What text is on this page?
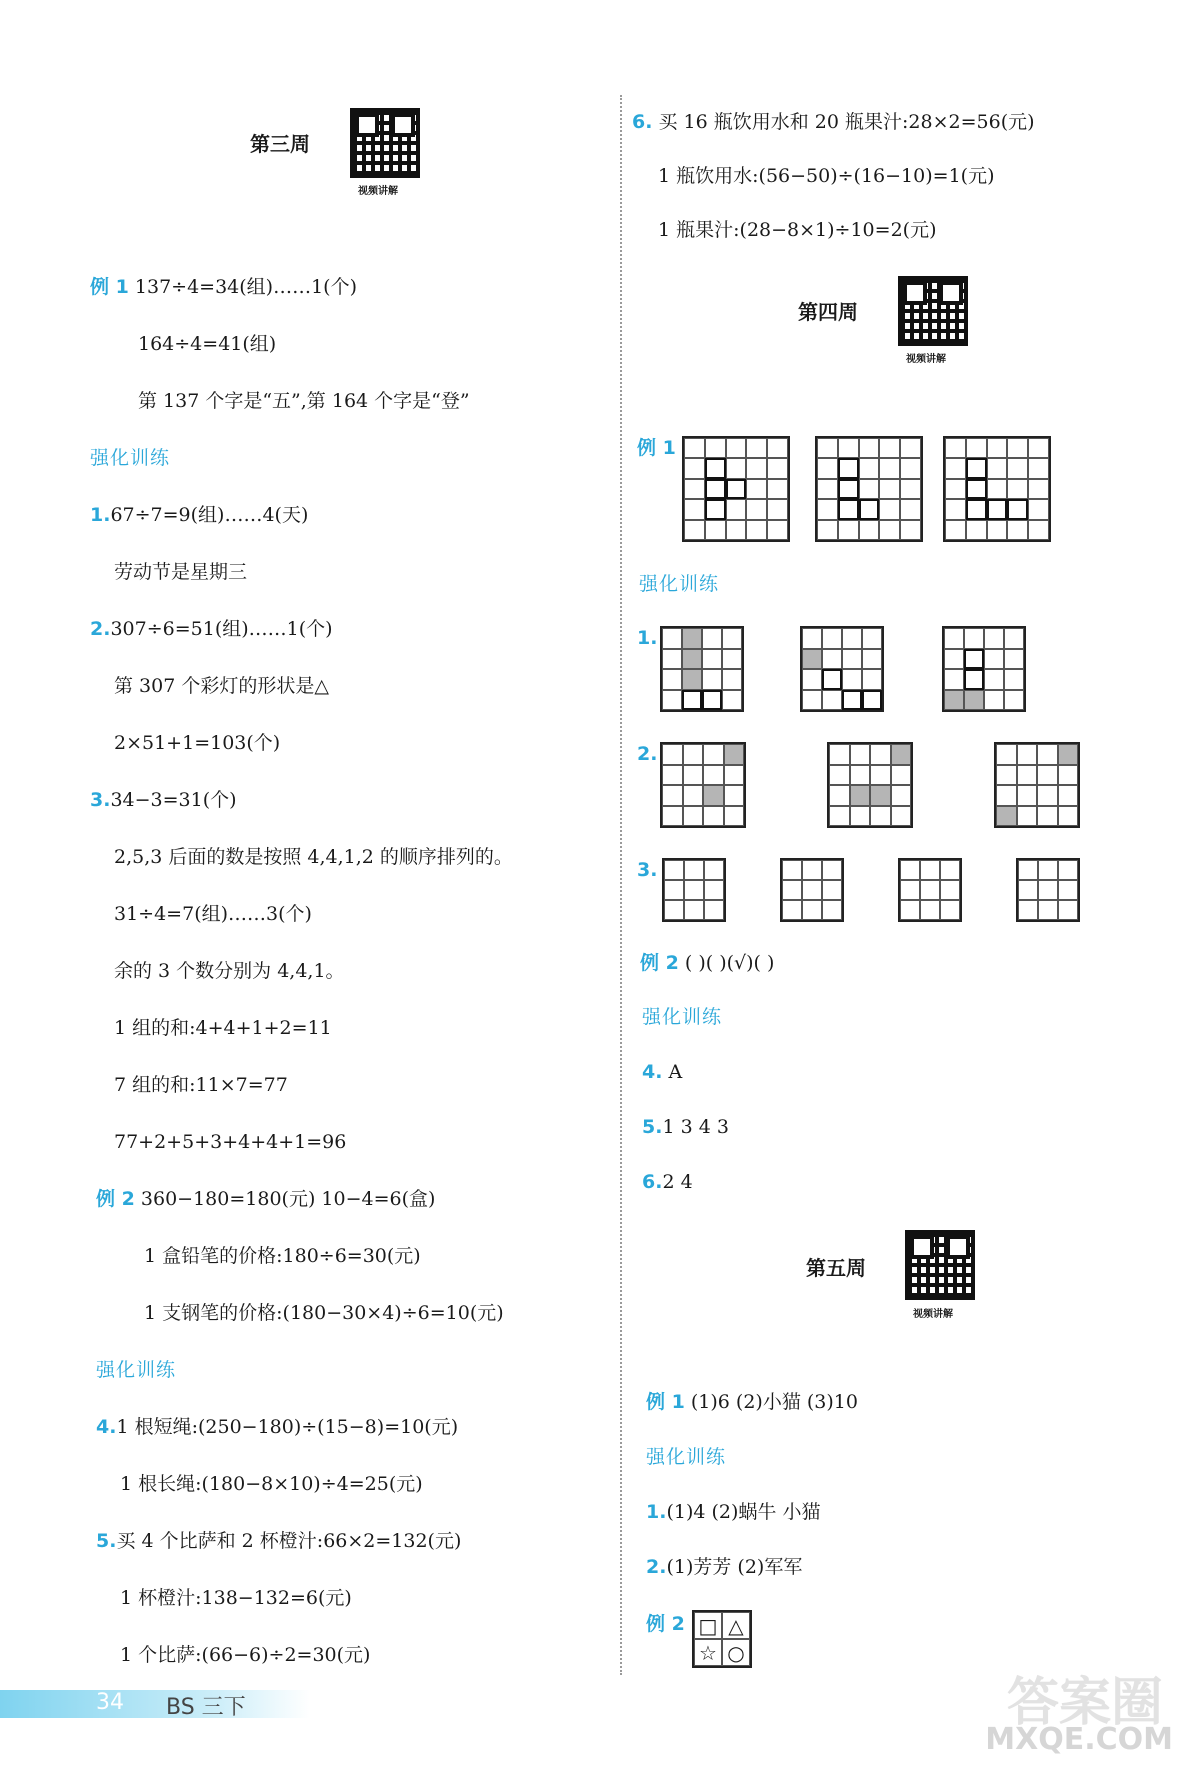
第三周
视频讲解
例 1 137÷4=34(组)……1(个)
164÷4=41(组)
第 137 个字是“五”,第 164 个字是“登”
强化训练
1.67÷7=9(组)……4(天)
劳动节是星期三
2.307÷6=51(组)……1(个)
第 307 个彩灯的形状是△
2×51+1=103(个)
3.34−3=31(个)
2,5,3 后面的数是按照 4,4,1,2 的顺序排列的。
31÷4=7(组)……3(个)
余的 3 个数分别为 4,4,1。
1 组的和:4+4+1+2=11
7 组的和:11×7=77
77+2+5+3+4+4+1=96
例 2 360−180=180(元) 10−4=6(盒)
1 盒铅笔的价格:180÷6=30(元)
1 支钢笔的价格:(180−30×4)÷6=10(元)
强化训练
4.1 根短绳:(250−180)÷(15−8)=10(元)
1 根长绳:(180−8×10)÷4=25(元)
5.买 4 个比萨和 2 杯橙汁:66×2=132(元)
1 杯橙汁:138−132=6(元)
1 个比萨:(66−6)÷2=30(元)
6. 买 16 瓶饮用水和 20 瓶果汁:28×2=56(元)
1 瓶饮用水:(56−50)÷(16−10)=1(元)
1 瓶果汁:(28−8×1)÷10=2(元)
第四周
视频讲解
例 1
强化训练
1.
2.
3.
例 2 ( )( )(√)( )
强化训练
4. A
5.1 3 4 3
6.2 4
第五周
视频讲解
例 1 (1)6 (2)小猫 (3)10
强化训练
1.(1)4 (2)蜗牛 小猫
2.(1)芳芳 (2)军军
例 2 □ △
☆ ○
34 BS 三下	答案圈
MXQE.COM
